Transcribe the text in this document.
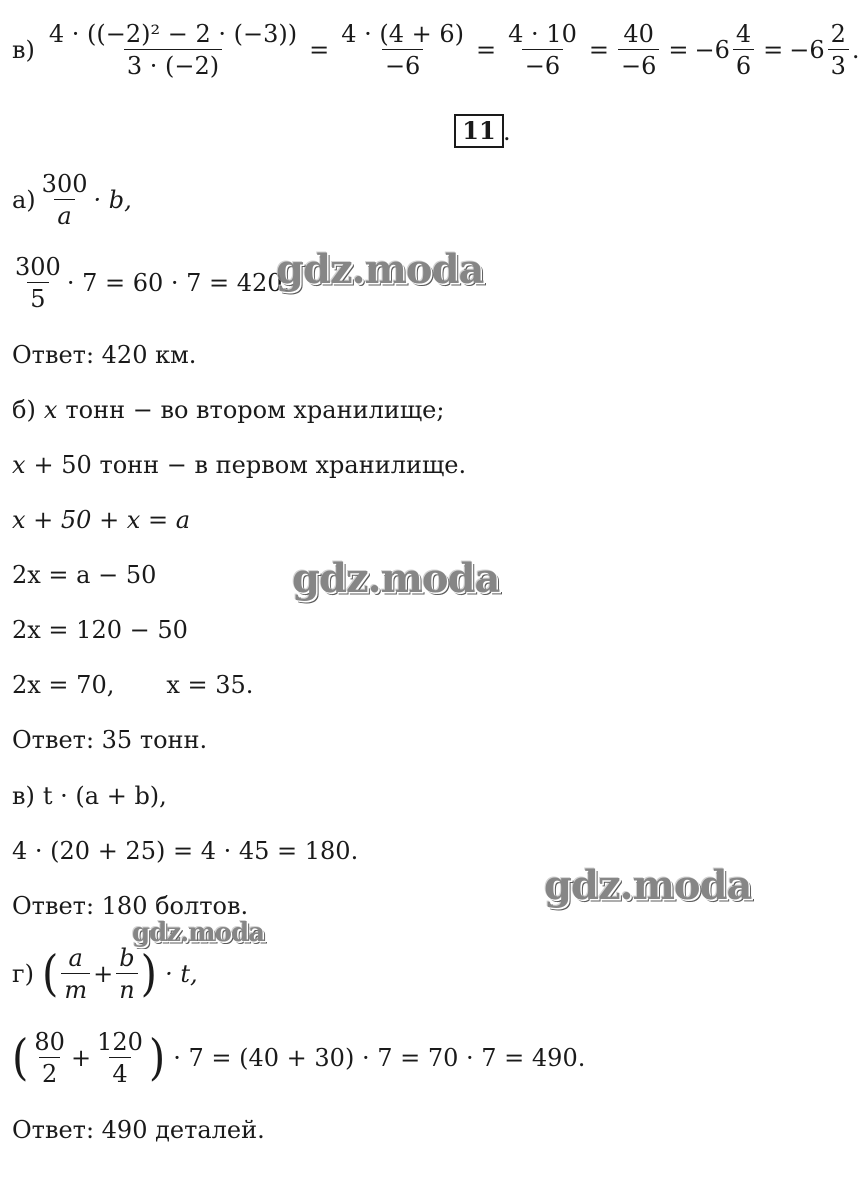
$в) \frac{\text{4 · ((−2)² − 2 · (−3))}}{3 \cdot (-2)} = \frac{4 \cdot (4 + 6)}{-6} = \frac{4 \cdot 10}{-6} = \frac{40}{-6} = -6 \frac{4}{6} = -6 \frac{2}{3}$ .
11 .
$а) \frac{300}{a} \cdot b$,
$\frac{300}{5} \cdot 7 = 60 \cdot 7 = 420$.
Ответ: 420 км.
б) x тонн − во втором хранилище;
x + 50 тонн − в первом хранилище.
x + 50 + x = a
2x = a − 50
2x = 120 − 50
2x = 70, x = 35.
Ответ: 35 тонн.
в) t · (a + b),
4 · (20 + 25) = 4 · 45 = 180.
Ответ: 180 болтов.
г) ( $\frac{a}{m} + \frac{b}{n}$ ) · t,
( $\frac{80}{2} + \frac{120}{4}$ ) · 7 = (40 + 30) · 7 = 70 · 7 = 490.
Ответ: 490 деталей.
gdz.moda
gdz.moda
gdz.moda
gdz.moda
